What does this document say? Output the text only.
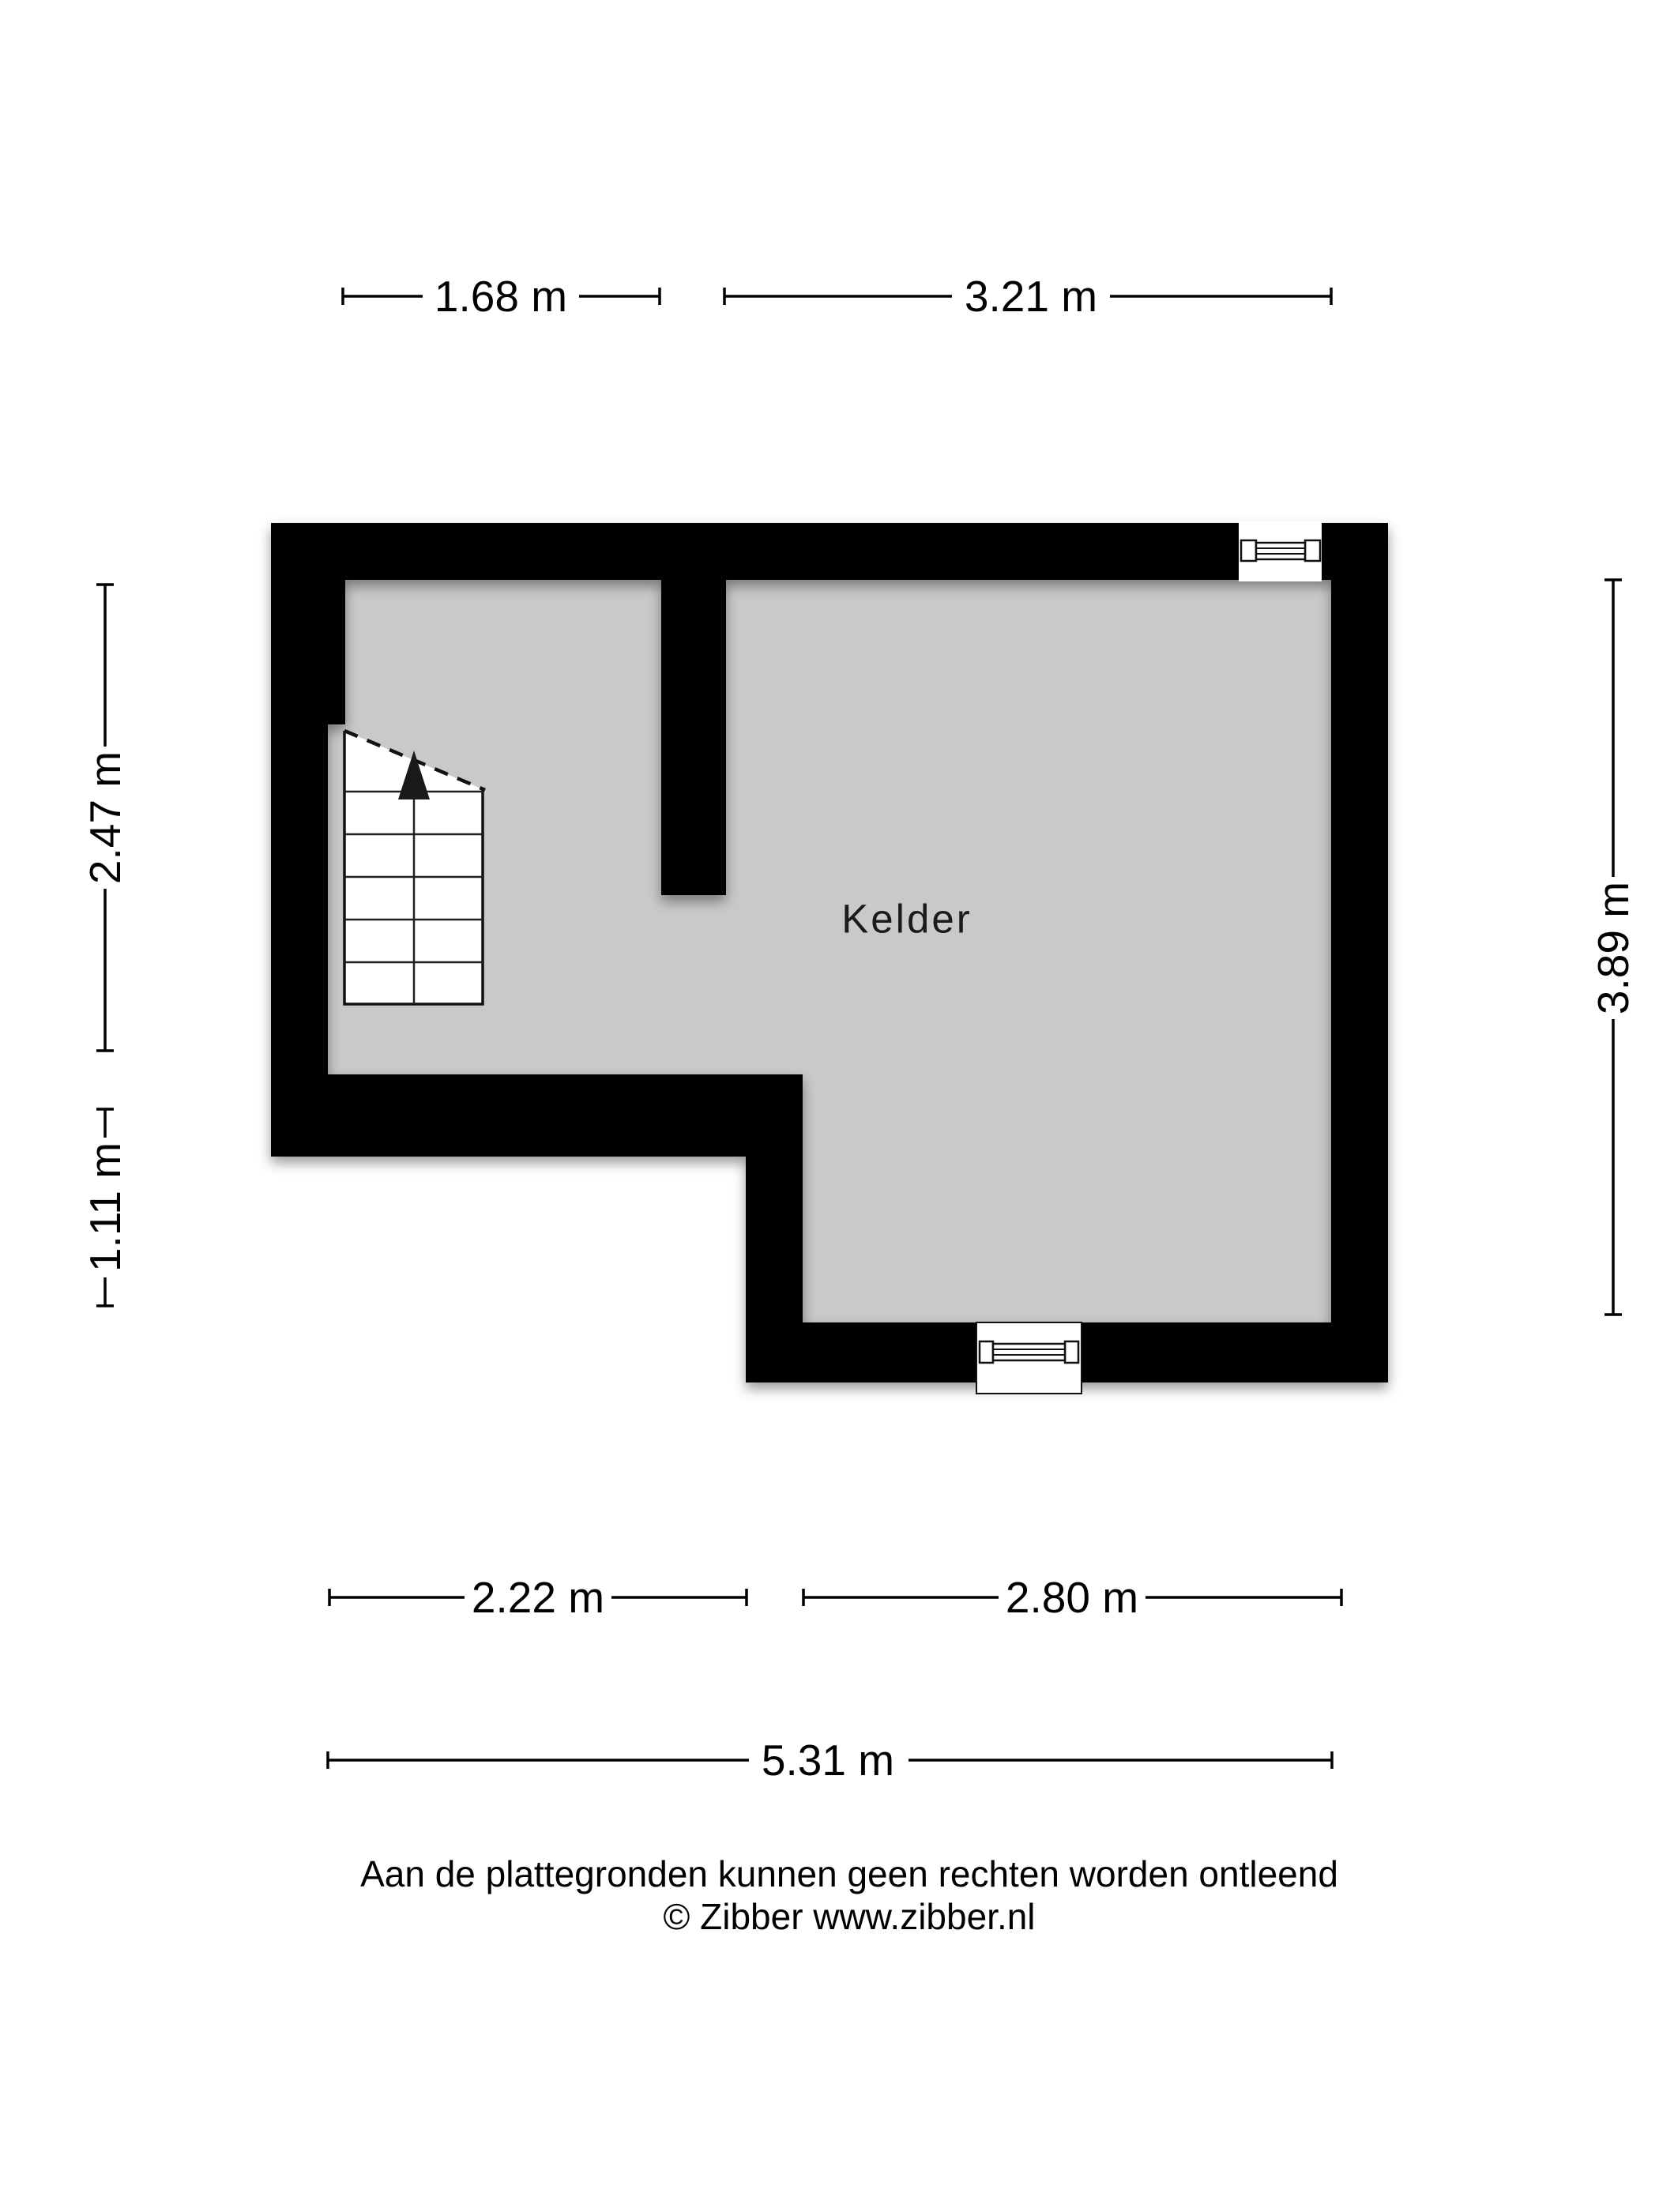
1.68 m	3.21 m
2.47 m
1.11 m
3.89 m
2.22 m	2.80 m
5.31 m
Kelder
Aan de plattegronden kunnen geen rechten worden ontleend
© Zibber www.zibber.nl
